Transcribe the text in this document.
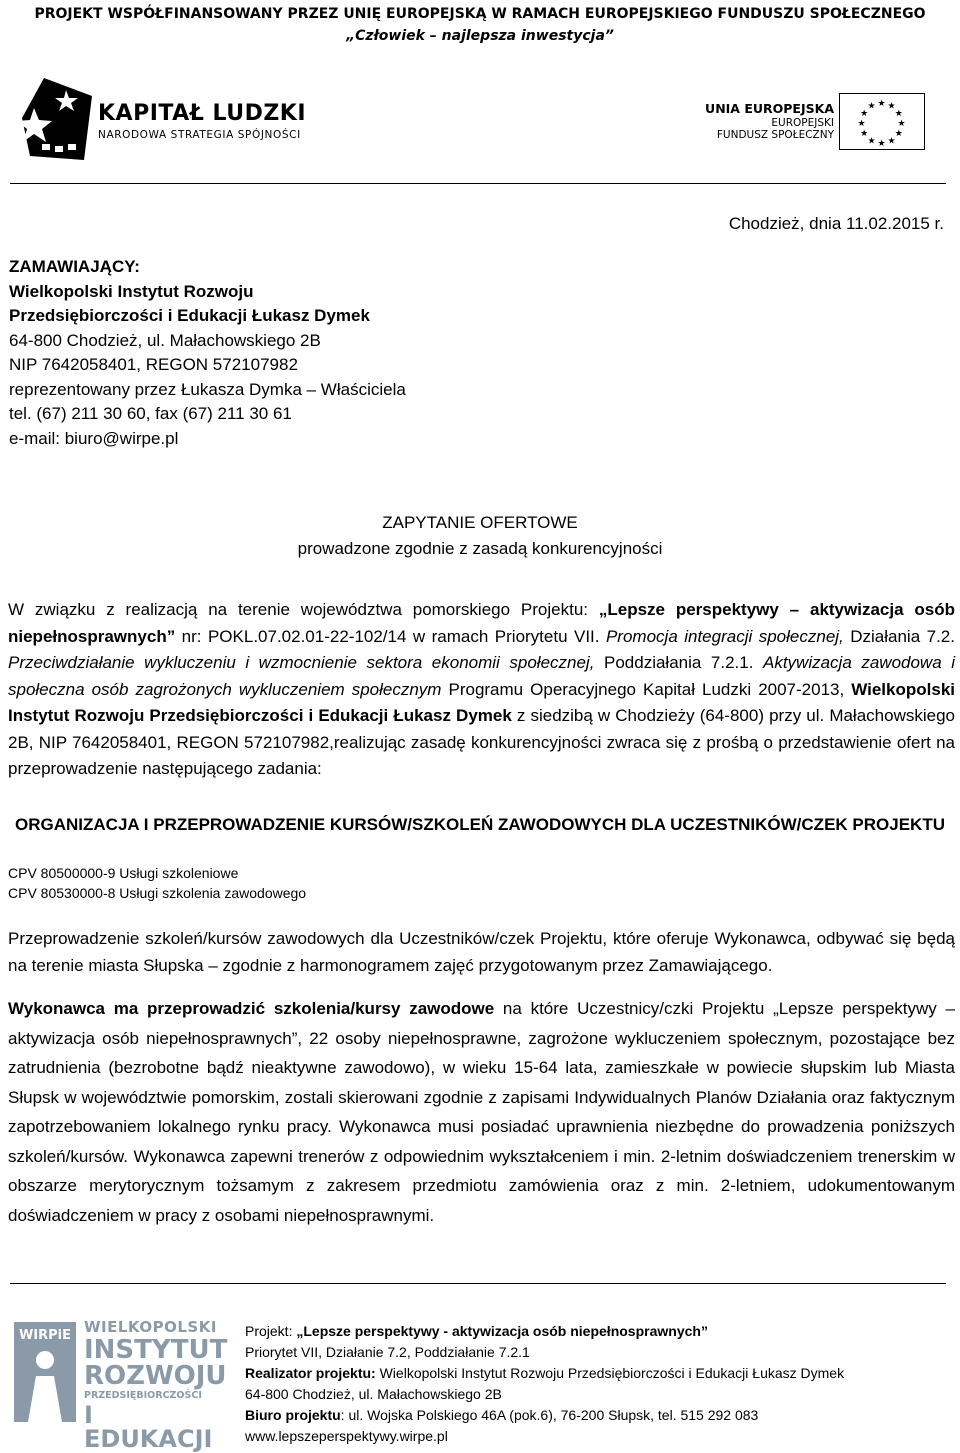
PROJEKT WSPÓŁFINANSOWANY PRZEZ UNIĘ EUROPEJSKĄ W RAMACH EUROPEJSKIEGO FUNDUSZU SPOŁECZNEGO
„Człowiek – najlepsza inwestycja”
KAPITAŁ LUDZKI
NARODOWA STRATEGIA SPÓJNOŚCI
UNIA EUROPEJSKA
EUROPEJSKI
FUNDUSZ SPOŁECZNY
★ ★
★
★
★
★
★
★
★
★
★
★
Chodzież, dnia 11.02.2015 r.
ZAMAWIAJĄCY:
Wielkopolski Instytut Rozwoju
Przedsiębiorczości i Edukacji Łukasz Dymek
64-800 Chodzież, ul. Małachowskiego 2B
NIP 7642058401, REGON 572107982
reprezentowany przez Łukasza Dymka – Właściciela
tel. (67) 211 30 60, fax (67) 211 30 61
e-mail: biuro@wirpe.pl
ZAPYTANIE OFERTOWE
prowadzone zgodnie z zasadą konkurencyjności
W związku z realizacją na terenie województwa pomorskiego Projektu: „Lepsze perspektywy – aktywizacja osób niepełnosprawnych” nr: POKL.07.02.01-22-102/14 w ramach Priorytetu VII. Promocja integracji społecznej, Działania 7.2. Przeciwdziałanie wykluczeniu i wzmocnienie sektora ekonomii społecznej, Poddziałania 7.2.1. Aktywizacja zawodowa i społeczna osób zagrożonych wykluczeniem społecznym Programu Operacyjnego Kapitał Ludzki 2007-2013, Wielkopolski Instytut Rozwoju Przedsiębiorczości i Edukacji Łukasz Dymek z siedzibą w Chodzieży (64-800) przy ul. Małachowskiego 2B, NIP 7642058401, REGON 572107982,realizując zasadę konkurencyjności zwraca się z prośbą o przedstawienie ofert na przeprowadzenie następującego zadania:
ORGANIZACJA I PRZEPROWADZENIE KURSÓW/SZKOLEŃ ZAWODOWYCH DLA UCZESTNIKÓW/CZEK PROJEKTU
CPV 80500000-9 Usługi szkoleniowe
CPV 80530000-8 Usługi szkolenia zawodowego
Przeprowadzenie szkoleń/kursów zawodowych dla Uczestników/czek Projektu, które oferuje Wykonawca, odbywać się będą na terenie miasta Słupska – zgodnie z harmonogramem zajęć przygotowanym przez Zamawiającego.
Wykonawca ma przeprowadzić szkolenia/kursy zawodowe na które Uczestnicy/czki Projektu „Lepsze perspektywy – aktywizacja osób niepełnosprawnych”, 22 osoby niepełnosprawne, zagrożone wykluczeniem społecznym, pozostające bez zatrudnienia (bezrobotne bądź nieaktywne zawodowo), w wieku 15-64 lata, zamieszkałe w powiecie słupskim lub Miasta Słupsk w województwie pomorskim, zostali skierowani zgodnie z zapisami Indywidualnych Planów Działania oraz faktycznym zapotrzebowaniem lokalnego rynku pracy. Wykonawca musi posiadać uprawnienia niezbędne do prowadzenia poniższych szkoleń/kursów. Wykonawca zapewni trenerów z odpowiednim wykształceniem i min. 2-letnim doświadczeniem trenerskim w obszarze merytorycznym tożsamym z zakresem przedmiotu zamówienia oraz z min. 2-letniem, udokumentowanym doświadczeniem w pracy z osobami niepełnosprawnymi.
WIRPiE WIELKOPOLSKI
INSTYTUT
ROZWOJU
PRZEDSIĘBIORCZOŚCI
I EDUKACJI
Projekt: „Lepsze perspektywy - aktywizacja osób niepełnosprawnych”
Priorytet VII, Działanie 7.2, Poddziałanie 7.2.1
Realizator projektu: Wielkopolski Instytut Rozwoju Przedsiębiorczości i Edukacji Łukasz Dymek
64-800 Chodzież, ul. Małachowskiego 2B
Biuro projektu: ul. Wojska Polskiego 46A (pok.6), 76-200 Słupsk, tel. 515 292 083
www.lepszeperspektywy.wirpe.pl
